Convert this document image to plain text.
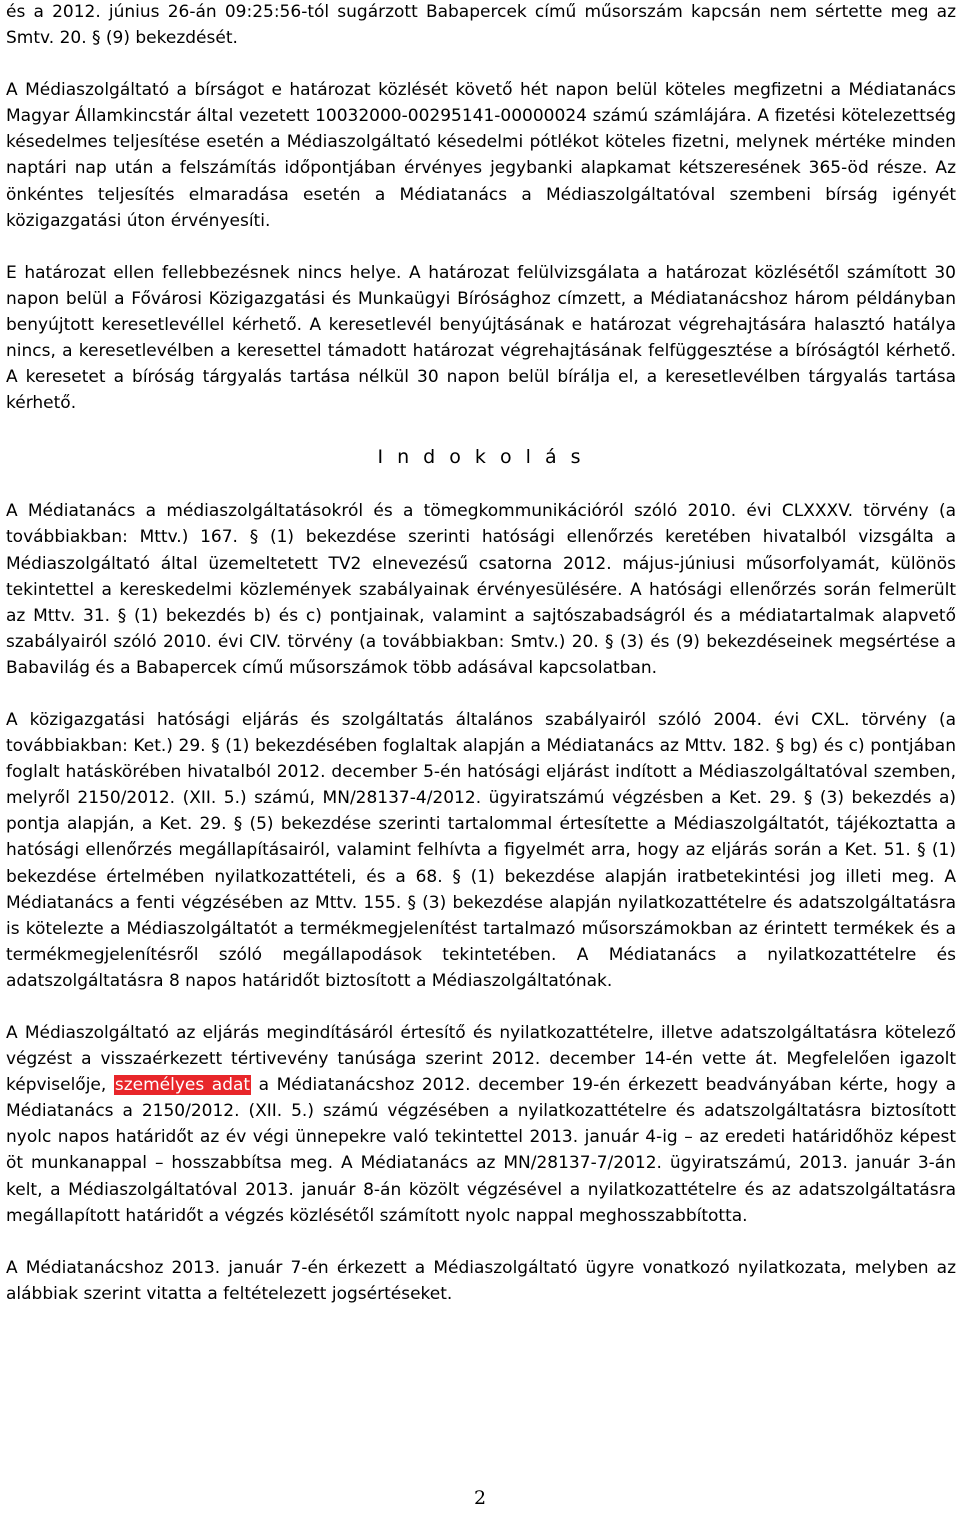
és a 2012. június 26-án 09:25:56-tól sugárzott Babapercek című műsorszám kapcsán nem sértette meg az Smtv. 20. § (9) bekezdését.

A Médiaszolgáltató a bírságot e határozat közlését követő hét napon belül köteles megfizetni a Médiatanács Magyar Államkincstár által vezetett 10032000-00295141-00000024 számú számlájára. A fizetési kötelezettség késedelmes teljesítése esetén a Médiaszolgáltató késedelmi pótlékot köteles fizetni, melynek mértéke minden naptári nap után a felszámítás időpontjában érvényes jegybanki alapkamat kétszeresének 365-öd része. Az önkéntes teljesítés elmaradása esetén a Médiatanács a Médiaszolgáltatóval szembeni bírság igényét közigazgatási úton érvényesíti.

E határozat ellen fellebbezésnek nincs helye. A határozat felülvizsgálata a határozat közlésétől számított 30 napon belül a Fővárosi Közigazgatási és Munkaügyi Bírósághoz címzett, a Médiatanácshoz három példányban benyújtott keresetlevéllel kérhető. A keresetlevél benyújtásának e határozat végrehajtására halasztó hatálya nincs, a keresetlevélben a keresettel támadott határozat végrehajtásának felfüggesztése a bíróságtól kérhető. A keresetet a bíróság tárgyalás tartása nélkül 30 napon belül bírálja el, a keresetlevélben tárgyalás tartása kérhető.

I n d o k o l á s

A Médiatanács a médiaszolgáltatásokról és a tömegkommunikációról szóló 2010. évi CLXXXV. törvény (a továbbiakban: Mttv.) 167. § (1) bekezdése szerinti hatósági ellenőrzés keretében hivatalból vizsgálta a Médiaszolgáltató által üzemeltetett TV2 elnevezésű csatorna 2012. május-júniusi műsorfolyamát, különös tekintettel a kereskedelmi közlemények szabályainak érvényesülésére. A hatósági ellenőrzés során felmerült az Mttv. 31. § (1) bekezdés b) és c) pontjainak, valamint a sajtószabadságról és a médiatartalmak alapvető szabályairól szóló 2010. évi CIV. törvény (a továbbiakban: Smtv.) 20. § (3) és (9) bekezdéseinek megsértése a Babavilág és a Babapercek című műsorszámok több adásával kapcsolatban.

A közigazgatási hatósági eljárás és szolgáltatás általános szabályairól szóló 2004. évi CXL. törvény (a továbbiakban: Ket.) 29. § (1) bekezdésében foglaltak alapján a Médiatanács az Mttv. 182. § bg) és c) pontjában foglalt hatáskörében hivatalból 2012. december 5-én hatósági eljárást indított a Médiaszolgáltatóval szemben, melyről 2150/2012. (XII. 5.) számú, MN/28137-4/2012. ügyiratszámú végzésben a Ket. 29. § (3) bekezdés a) pontja alapján, a Ket. 29. § (5) bekezdése szerinti tartalommal értesítette a Médiaszolgáltatót, tájékoztatta a hatósági ellenőrzés megállapításairól, valamint felhívta a figyelmét arra, hogy az eljárás során a Ket. 51. § (1) bekezdése értelmében nyilatkozattételi, és a 68. § (1) bekezdése alapján iratbetekintési jog illeti meg. A Médiatanács a fenti végzésében az Mttv. 155. § (3) bekezdése alapján nyilatkozattételre és adatszolgáltatásra is kötelezte a Médiaszolgáltatót a termékmegjelenítést tartalmazó műsorszámokban az érintett termékek és a termékmegjelenítésről szóló megállapodások tekintetében. A Médiatanács a nyilatkozattételre és adatszolgáltatásra 8 napos határidőt biztosított a Médiaszolgáltatónak.

A Médiaszolgáltató az eljárás megindításáról értesítő és nyilatkozattételre, illetve adatszolgáltatásra kötelező végzést a visszaérkezett tértivevény tanúsága szerint 2012. december 14-én vette át. Megfelelően igazolt képviselője, személyes adat a Médiatanácshoz 2012. december 19-én érkezett beadványában kérte, hogy a Médiatanács a 2150/2012. (XII. 5.) számú végzésében a nyilatkozattételre és adatszolgáltatásra biztosított nyolc napos határidőt az év végi ünnepekre való tekintettel 2013. január 4-ig – az eredeti határidőhöz képest öt munkanappal – hosszabbítsa meg. A Médiatanács az MN/28137-7/2012. ügyiratszámú, 2013. január 3-án kelt, a Médiaszolgáltatóval 2013. január 8-án közölt végzésével a nyilatkozattételre és az adatszolgáltatásra megállapított határidőt a végzés közlésétől számított nyolc nappal meghosszabbította.

A Médiatanácshoz 2013. január 7-én érkezett a Médiaszolgáltató ügyre vonatkozó nyilatkozata, melyben az alábbiak szerint vitatta a feltételezett jogsértéseket.

2
